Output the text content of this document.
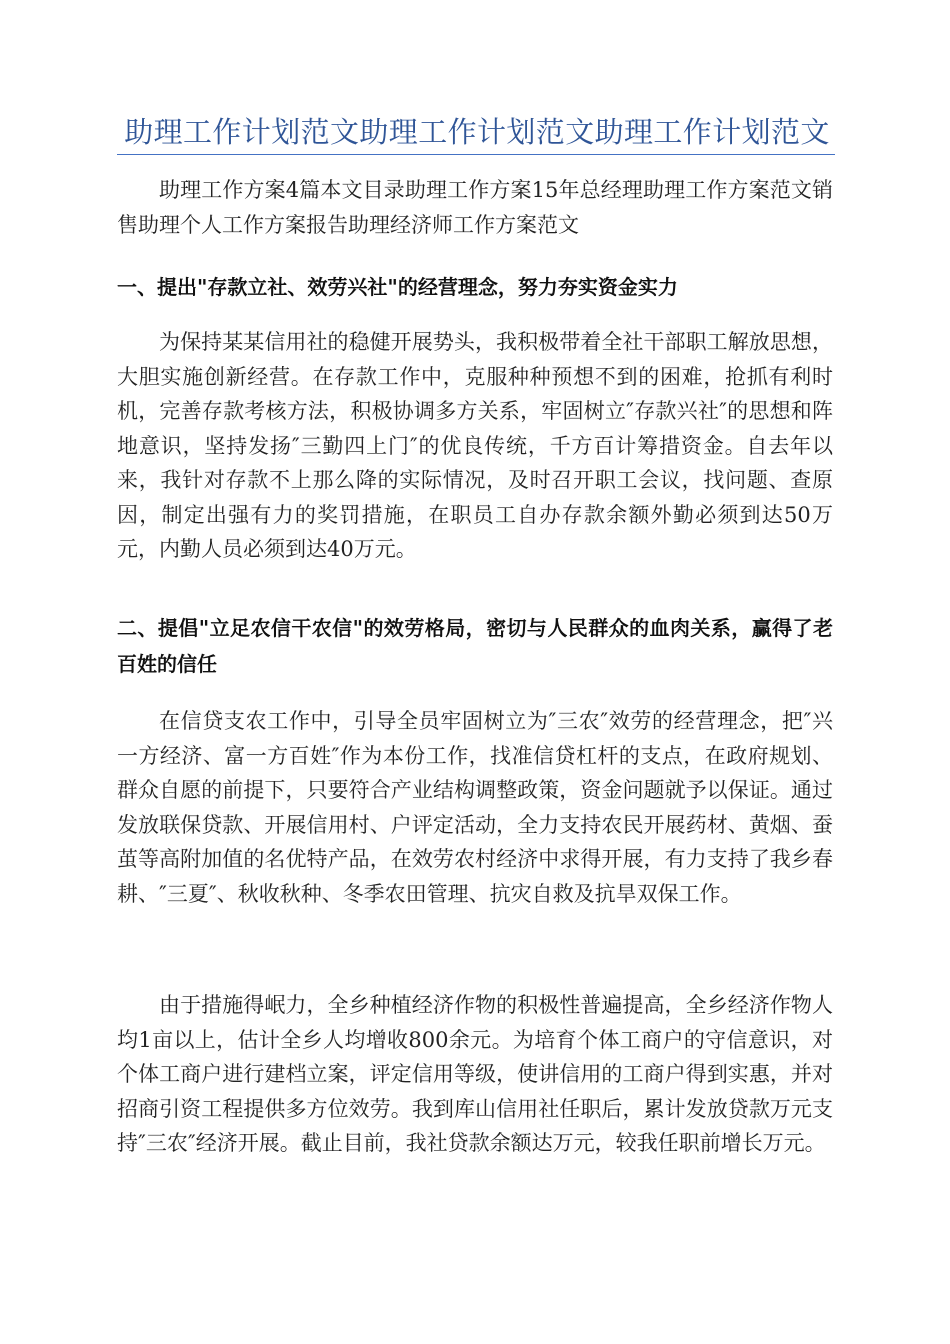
助理工作计划范文助理工作计划范文助理工作计划范文

助理工作方案4篇本文目录助理工作方案15年总经理助理工作方案范文销售助理个人工作方案报告助理经济师工作方案范文

一、提出"存款立社、效劳兴社"的经营理念，努力夯实资金实力

为保持某某信用社的稳健开展势头，我积极带着全社干部职工解放思想，大胆实施创新经营。在存款工作中，克服种种预想不到的困难，抢抓有利时机，完善存款考核方法，积极协调多方关系，牢固树立″存款兴社″的思想和阵地意识，坚持发扬″三勤四上门″的优良传统，千方百计筹措资金。自去年以来，我针对存款不上那么降的实际情况，及时召开职工会议，找问题、查原因，制定出强有力的奖罚措施，在职员工自办存款余额外勤必须到达50万元，内勤人员必须到达40万元。

二、提倡"立足农信干农信"的效劳格局，密切与人民群众的血肉关系，赢得了老百姓的信任

在信贷支农工作中，引导全员牢固树立为″三农″效劳的经营理念，把″兴一方经济、富一方百姓″作为本份工作，找准信贷杠杆的支点，在政府规划、群众自愿的前提下，只要符合产业结构调整政策，资金问题就予以保证。通过发放联保贷款、开展信用村、户评定活动，全力支持农民开展药材、黄烟、蚕茧等高附加值的名优特产品，在效劳农村经济中求得开展，有力支持了我乡春耕、″三夏″、秋收秋种、冬季农田管理、抗灾自救及抗旱双保工作。

由于措施得岷力，全乡种植经济作物的积极性普遍提高，全乡经济作物人均1亩以上，估计全乡人均增收800余元。为培育个体工商户的守信意识，对个体工商户进行建档立案，评定信用等级，使讲信用的工商户得到实惠，并对招商引资工程提供多方位效劳。我到库山信用社任职后，累计发放贷款万元支持″三农″经济开展。截止目前，我社贷款余额达万元，较我任职前增长万元。
